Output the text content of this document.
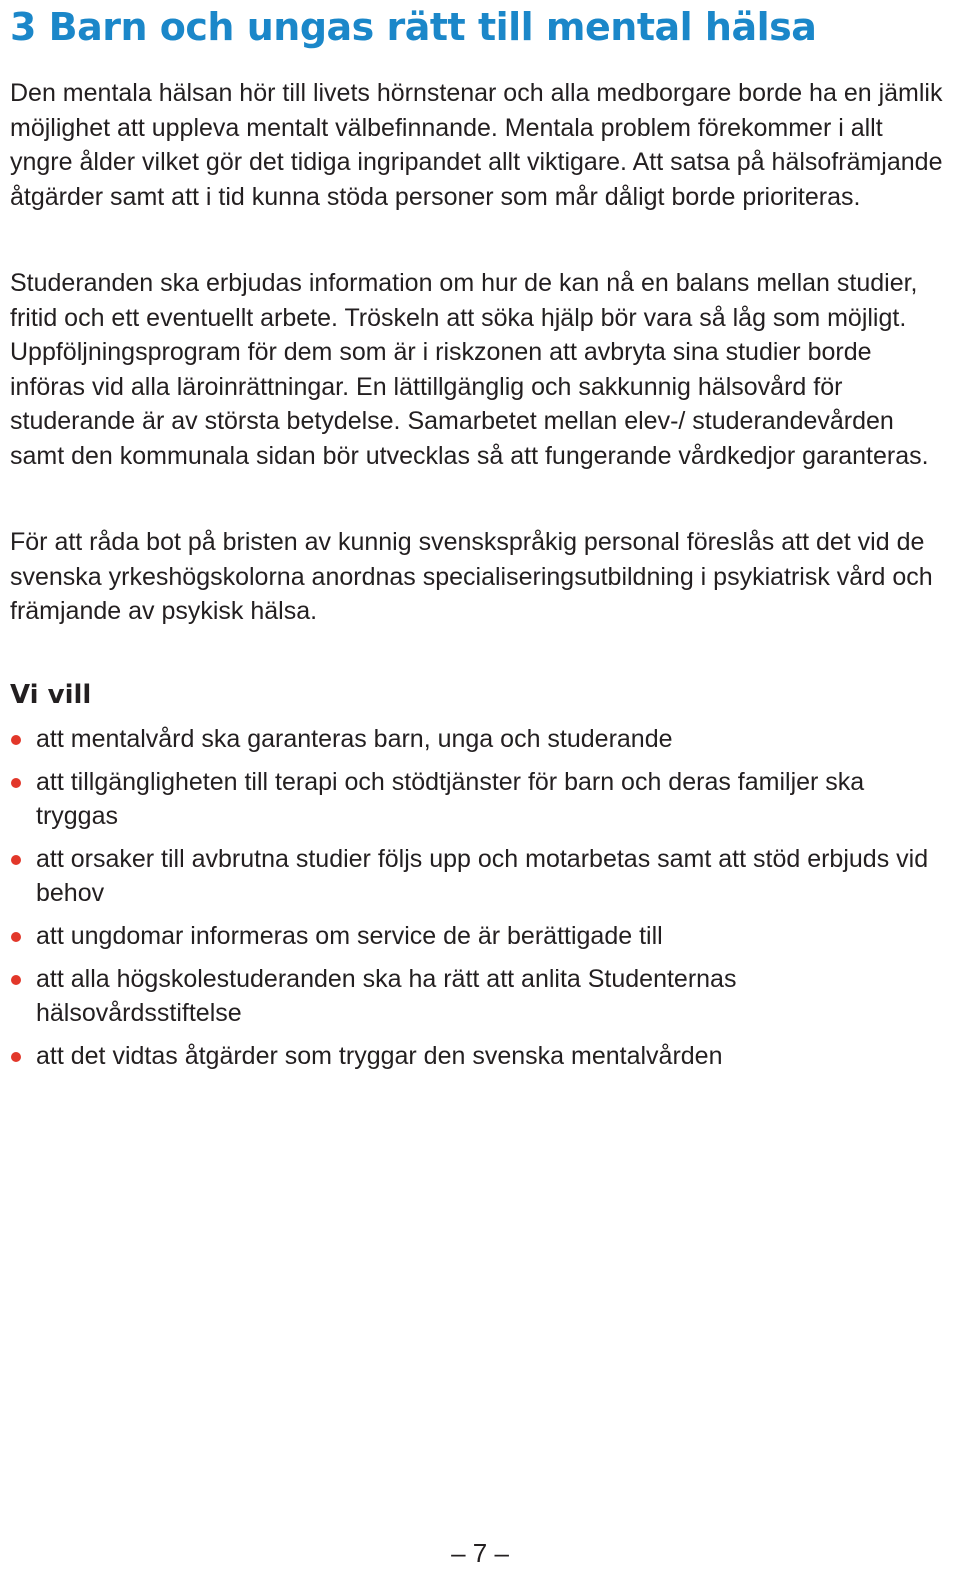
3 Barn och ungas rätt till mental hälsa

Den mentala hälsan hör till livets hörnstenar och alla medborgare borde ha en jämlik möjlighet att uppleva mentalt välbefinnande. Mentala problem förekommer i allt yngre ålder vilket gör det tidiga ingripandet allt viktigare. Att satsa på hälsofrämjande åtgärder samt att i tid kunna stöda personer som mår dåligt borde prioriteras.

Studeranden ska erbjudas information om hur de kan nå en balans mellan studier, fritid och ett eventuellt arbete. Tröskeln att söka hjälp bör vara så låg som möjligt. Uppföljningsprogram för dem som är i riskzonen att avbryta sina studier borde införas vid alla läroinrättningar. En lättillgänglig och sakkunnig hälsovård för studerande är av största betydelse. Samarbetet mellan elev-/ studerandevården samt den kommunala sidan bör utvecklas så att fungerande vårdkedjor garanteras.

För att råda bot på bristen av kunnig svenskspråkig personal föreslås att det vid de svenska yrkeshögskolorna anordnas specialiseringsutbildning i psykiatrisk vård och främjande av psykisk hälsa.

Vi vill
att mentalvård ska garanteras barn, unga och studerande
att tillgängligheten till terapi och stödtjänster för barn och deras familjer ska tryggas
att orsaker till avbrutna studier följs upp och motarbetas samt att stöd erbjuds vid behov
att ungdomar informeras om service de är berättigade till
att alla högskolestuderanden ska ha rätt att anlita Studenternas hälsovårdsstiftelse
att det vidtas åtgärder som tryggar den svenska mentalvården
– 7 –
